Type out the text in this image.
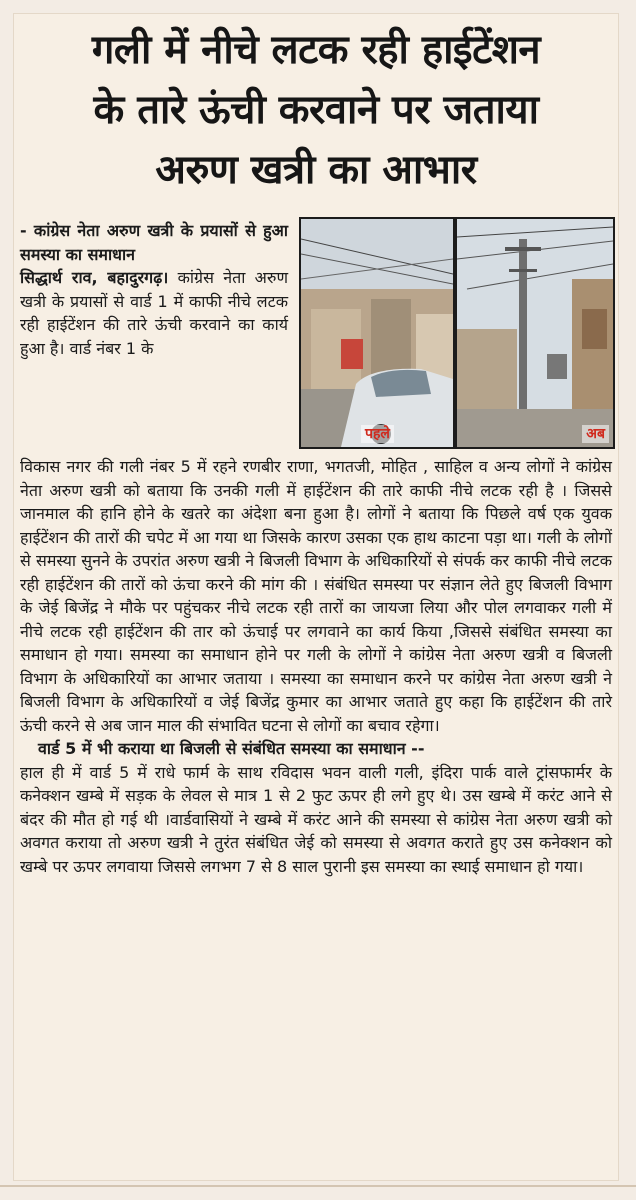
गली में नीचे लटक रही हाईटेंशन
के तारे ऊंची करवाने पर जताया
अरुण खत्री का आभार
पहले	अब
- कांग्रेस नेता अरुण खत्री के प्रयासों से हुआ समस्या का समाधान
सिद्धार्थ राव, बहादुरगढ़। कांग्रेस नेता अरुण खत्री के प्रयासों से वार्ड 1 में काफी नीचे लटक रही हाईटेंशन की तारे ऊंची करवाने का कार्य हुआ है। वार्ड नंबर 1 के
विकास नगर की गली नंबर 5 में रहने रणबीर राणा, भगतजी, मोहित , साहिल व अन्य लोगों ने कांग्रेस नेता अरुण खत्री को बताया कि उनकी गली में हाईटेंशन की तारे काफी नीचे लटक रही है । जिससे जानमाल की हानि होने के खतरे का अंदेशा बना हुआ है। लोगों ने बताया कि पिछले वर्ष एक युवक हाईटेंशन की तारों की चपेट में आ गया था जिसके कारण उसका एक हाथ काटना पड़ा था। गली के लोगों से समस्या सुनने के उपरांत अरुण खत्री ने बिजली विभाग के अधिकारियों से संपर्क कर काफी नीचे लटक रही हाईटेंशन की तारों को ऊंचा करने की मांग की । संबंधित समस्या पर संज्ञान लेते हुए बिजली विभाग के जेई बिजेंद्र ने मौके पर पहुंचकर नीचे लटक रही तारों का जायजा लिया और पोल लगवाकर गली में नीचे लटक रही हाईटेंशन की तार को ऊंचाई पर लगवाने का कार्य किया ,जिससे संबंधित समस्या का समाधान हो गया। समस्या का समाधान होने पर गली के लोगों ने कांग्रेस नेता अरुण खत्री व बिजली विभाग के अधिकारियों का आभार जताया । समस्या का समाधान करने पर कांग्रेस नेता अरुण खत्री ने बिजली विभाग के अधिकारियों व जेई बिजेंद्र कुमार का आभार जताते हुए कहा कि हाईटेंशन की तारे ऊंची करने से अब जान माल की संभावित घटना से लोगों का बचाव रहेगा।
वार्ड 5 में भी कराया था बिजली से संबंधित समस्या का समाधान --
हाल ही में वार्ड 5 में राधे फार्म के साथ रविदास भवन वाली गली, इंदिरा पार्क वाले ट्रांसफार्मर के कनेक्शन खम्बे में सड़क के लेवल से मात्र 1 से 2 फुट ऊपर ही लगे हुए थे। उस खम्बे में करंट आने से बंदर की मौत हो गई थी ।वार्डवासियों ने खम्बे में करंट आने की समस्या से कांग्रेस नेता अरुण खत्री को अवगत कराया तो अरुण खत्री ने तुरंत संबंधित जेई को समस्या से अवगत कराते हुए उस कनेक्शन को खम्बे पर ऊपर लगवाया जिससे लगभग 7 से 8 साल पुरानी इस समस्या का स्थाई समाधान हो गया।
